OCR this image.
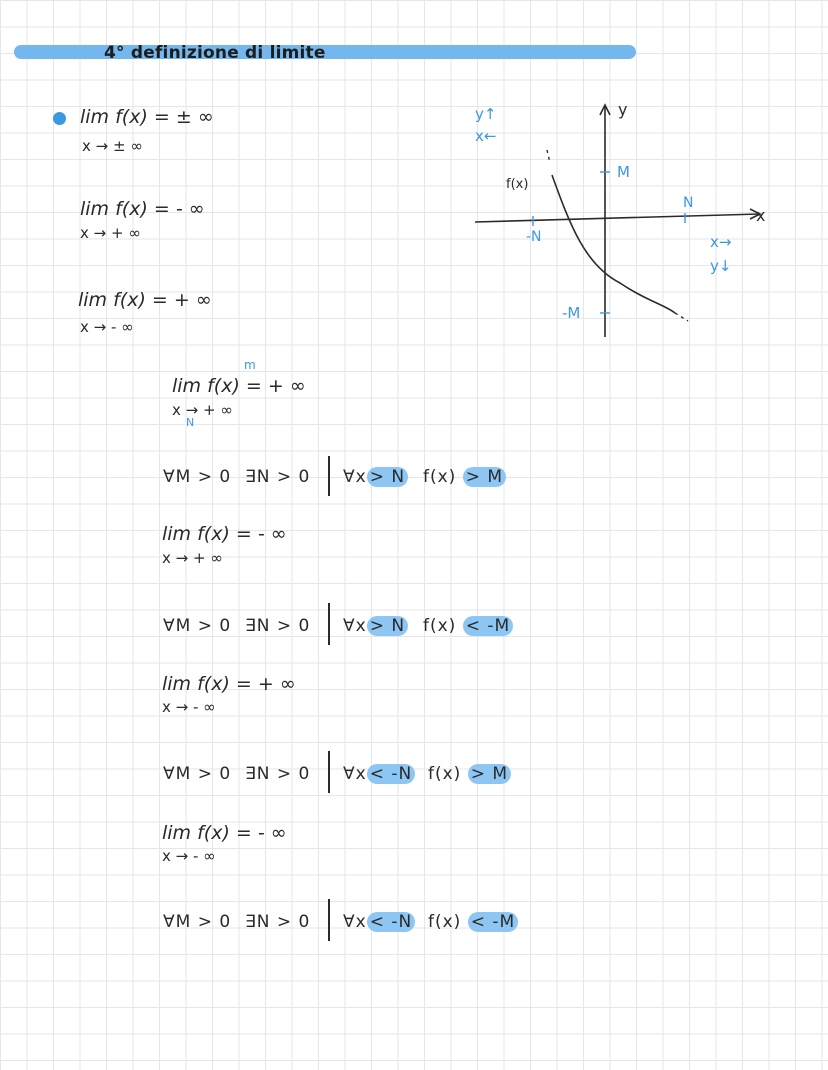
4° definizione di limite
lim f(x) = ± ∞
x → ± ∞
lim f(x) = - ∞
x → + ∞
lim f(x) = + ∞
x → - ∞
y
x
f(x)
M
-M
N
-N
y↑
x←
x→
y↓
m
lim f(x) = + ∞
x → + ∞
N
∀M > 0 ∃N > 0 ∀x > N f(x) > M
lim f(x) = - ∞
x → + ∞
∀M > 0 ∃N > 0 ∀x > N f(x) < -M
lim f(x) = + ∞
x → - ∞
∀M > 0 ∃N > 0 ∀x < -N f(x) > M
lim f(x) = - ∞
x → - ∞
∀M > 0 ∃N > 0 ∀x < -N f(x) < -M
